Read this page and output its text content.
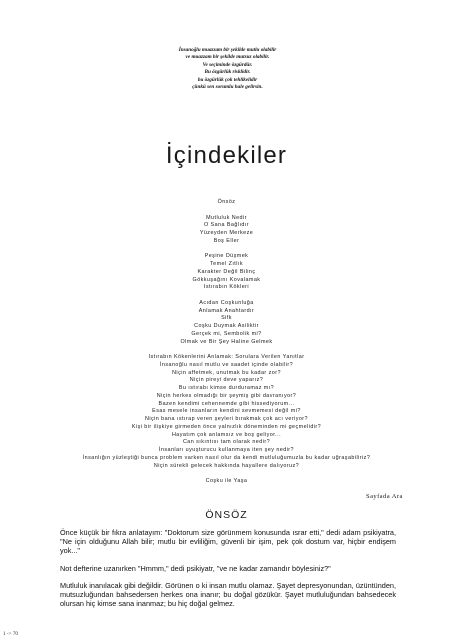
İnsanoğlu muazzam bir şekilde mutlu olabilir
ve muazzam bir şekilde mutsuz olabilir.
Ve seçiminde özgürdür.
Bu özgürlük risklidir.
bu özgürlük çok tehlikelidir
çünkü sen sorumlu hale gelirsin.
İçindekiler
Önsöz
Mutluluk Nedir
O Sana Bağlıdır
Yüzeyden Merkeze
Boş Eller
Peşine Düşmek
Temel Zıtlık
Karakter Değil Bilinç
Gökkuşağını Kovalamak
Istırabın Kökleri
Acıdan Coşkunluğa
Anlamak Anahtardır
Sifk
Coşku Duymak Asiliktir
Gerçek mi, Sembolik mi?
Olmak ve Bir Şey Haline Gelmek
Istırabın Kökenlerini Anlamak: Sorulara Verilen Yanıtlar
İnsanoğlu nasıl mutlu ve saadet içinde olabilir?
Niçin affetmek, unutmak bu kadar zor?
Niçin pireyi deve yaparız?
Bu ıstırabı kimse durduramaz mı?
Niçin herkes olmadığı bir şeymiş gibi davranıyor?
Bazen kendimi cehennemde gibi hissediyorum...
Esas mesele insanların kendini sevmemesi değil mi?
Niçin bana ıstırap veren şeyleri bırakmak çok acı veriyor?
Kişi bir ilişkiye girmeden önce yalnızlık döneminden mi geçmelidir?
Hayatım çok anlamsız ve boş geliyor...
Can sıkıntısı tam olarak nedir?
İnsanları uyuşturucu kullanmaya iten şey nedir?
İnsanlığın yüzleştiği bunca problem varken nasıl olur da kendi mutluluğumuzla bu kadar uğraşabiliriz?
Niçin sürekli gelecek hakkında hayallere dalıyoruz?
Coşku ile Yaşa
Sayfada Ara
ÖNSÖZ

Önce küçük bir fıkra anlatayım: "Doktorum size görünmem konusunda ısrar etti," dedi adam psikiyatra, "Ne için olduğunu Allah bilir; mutlu bir evliliğim, güvenli bir işim, pek çok dostum var, hiçbir endişem yok..."

Not defterine uzanırken "Hmmm," dedi psikiyatr, "ve ne kadar zamandır böylesiniz?"

Mutluluk inanılacak gibi değildir. Görünen o ki insan mutlu olamaz. Şayet depresyonundan, üzüntünden, mutsuzluğundan bahsedersen herkes ona inanır; bu doğal gözükür. Şayet mutluluğundan bahsedecek olursan hiç kimse sana inanmaz; bu hiç doğal gelmez.

1 -> 70
